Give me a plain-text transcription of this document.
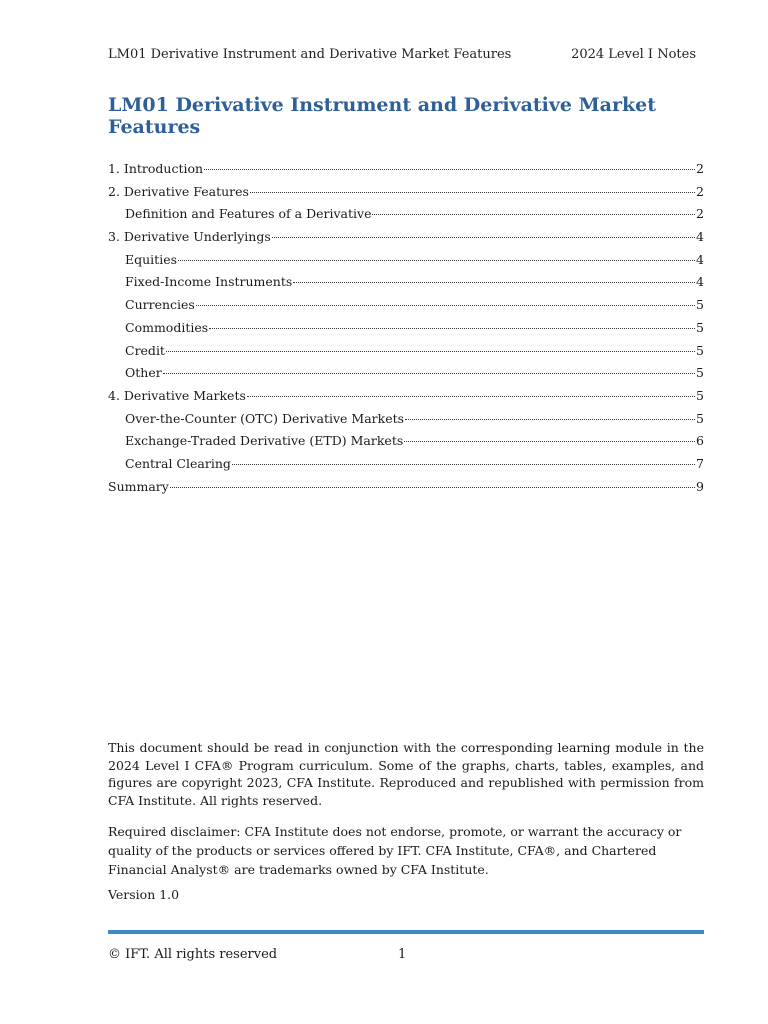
LM01 Derivative Instrument and Derivative Market Features	2024 Level I Notes
LM01 Derivative Instrument and Derivative Market Features
1. Introduction	2
2. Derivative Features	2
Definition and Features of a Derivative	2
3. Derivative Underlyings	4
Equities	4
Fixed-Income Instruments	4
Currencies	5
Commodities	5
Credit	5
Other	5
4. Derivative Markets	5
Over-the-Counter (OTC) Derivative Markets	5
Exchange-Traded Derivative (ETD) Markets	6
Central Clearing	7
Summary	9

This document should be read in conjunction with the corresponding learning module in the 2024 Level I CFA® Program curriculum. Some of the graphs, charts, tables, examples, and figures are copyright 2023, CFA Institute. Reproduced and republished with permission from CFA Institute. All rights reserved.

Required disclaimer: CFA Institute does not endorse, promote, or warrant the accuracy or quality of the products or services offered by IFT. CFA Institute, CFA®, and Chartered Financial Analyst® are trademarks owned by CFA Institute.

Version 1.0
© IFT. All rights reserved	1
